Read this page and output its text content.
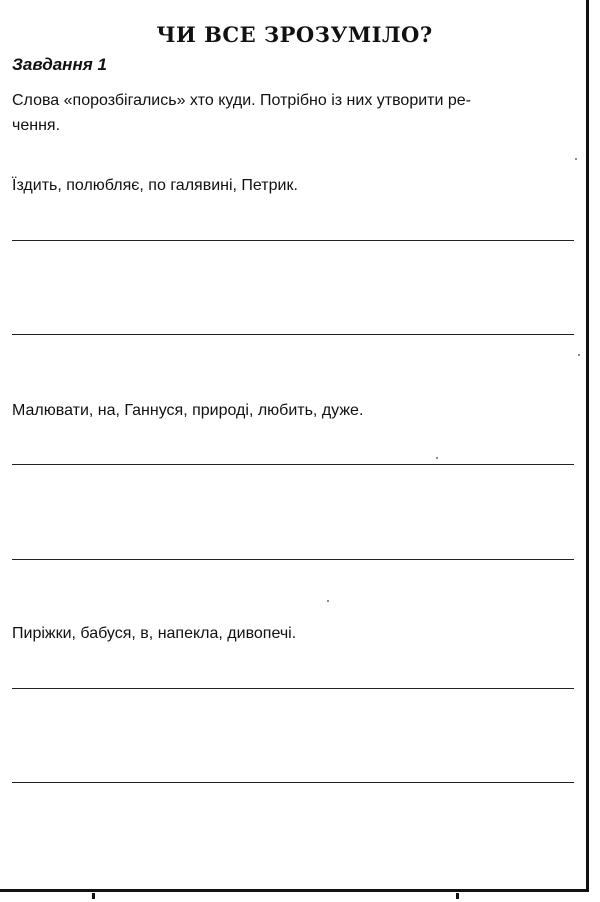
ЧИ ВСЕ ЗРОЗУМІЛО?
Завдання 1

Слова «порозбігались» хто куди. Потрібно із них утворити ре-
чення.

Їздить, полюбляє, по галявині, Петрик.

Малювати, на, Ганнуся, природі, любить, дуже.

Пиріжки, бабуся, в, напекла, дивопечі.
